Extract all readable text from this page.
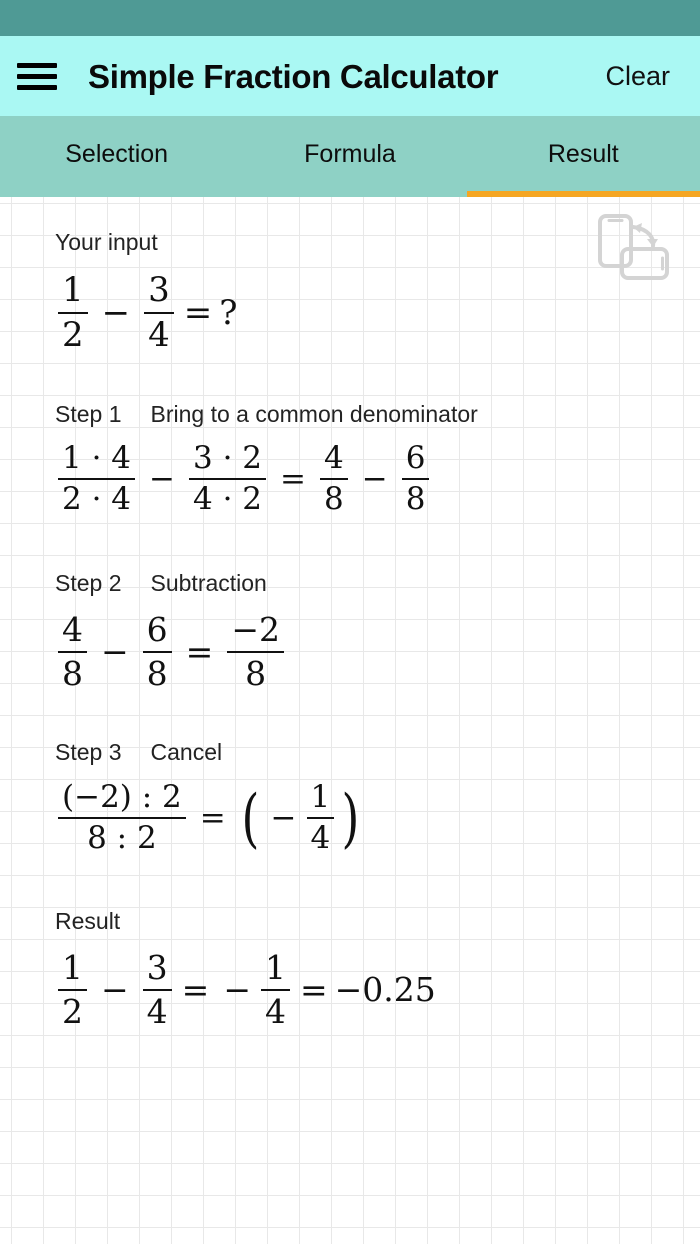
Simple Fraction Calculator	Clear
Selection	Formula	Result
Your input
$\frac{1}{2} - \frac{3}{4}$ = ?
Step 1 Bring to a common denominator
$\frac{1 \cdot 4}{2 \cdot 4} - \frac{3 \cdot 2}{4 \cdot 2} = \frac{4}{8} - \frac{6}{8}$
Step 2 Subtraction
$\frac{4}{8} - \frac{6}{8} = \frac{-2}{8}$
Step 3 Cancel
$\frac{(-2) : 2}{8 : 2}$ = ( − $\frac{1}{4}$ )
Result
$\frac{1}{2} - \frac{3}{4}$ = − $\frac{1}{4} = -0.25$
